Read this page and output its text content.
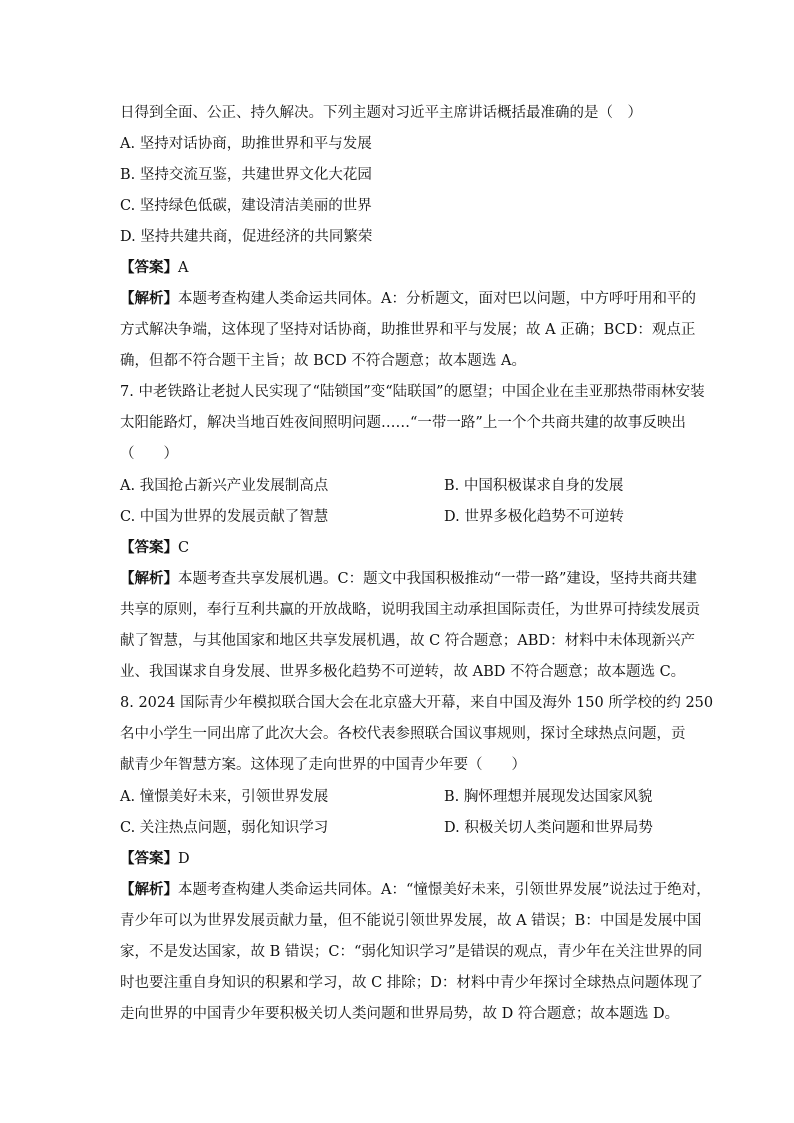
日得到全面、公正、持久解决。下列主题对习近平主席讲话概括最准确的是（　）
A. 坚持对话协商，助推世界和平与发展
B. 坚持交流互鉴，共建世界文化大花园
C. 坚持绿色低碳，建设清洁美丽的世界
D. 坚持共建共商，促进经济的共同繁荣
【答案】A
【解析】本题考查构建人类命运共同体。A：分析题文，面对巴以问题，中方呼吁用和平的
方式解决争端，这体现了坚持对话协商，助推世界和平与发展；故 A 正确；BCD：观点正
确，但都不符合题干主旨；故 BCD 不符合题意；故本题选 A。
7. 中老铁路让老挝人民实现了“陆锁国”变“陆联国”的愿望；中国企业在圭亚那热带雨林安装
太阳能路灯，解决当地百姓夜间照明问题……“一带一路”上一个个共商共建的故事反映出
（　　）
A. 我国抢占新兴产业发展制高点	B. 中国积极谋求自身的发展
C. 中国为世界的发展贡献了智慧	D. 世界多极化趋势不可逆转
【答案】C
【解析】本题考查共享发展机遇。C：题文中我国积极推动“一带一路”建设，坚持共商共建
共享的原则，奉行互利共赢的开放战略，说明我国主动承担国际责任，为世界可持续发展贡
献了智慧，与其他国家和地区共享发展机遇，故 C 符合题意；ABD：材料中未体现新兴产
业、我国谋求自身发展、世界多极化趋势不可逆转，故 ABD 不符合题意；故本题选 C。
8. 2024 国际青少年模拟联合国大会在北京盛大开幕，来自中国及海外 150 所学校的约 250
名中小学生一同出席了此次大会。各校代表参照联合国议事规则，探讨全球热点问题，贡
献青少年智慧方案。这体现了走向世界的中国青少年要（　　）
A. 憧憬美好未来，引领世界发展	B. 胸怀理想并展现发达国家风貌
C. 关注热点问题，弱化知识学习	D. 积极关切人类问题和世界局势
【答案】D
【解析】本题考查构建人类命运共同体。A：“憧憬美好未来，引领世界发展”说法过于绝对，
青少年可以为世界发展贡献力量，但不能说引领世界发展，故 A 错误；B：中国是发展中国
家，不是发达国家，故 B 错误；C：“弱化知识学习”是错误的观点，青少年在关注世界的同
时也要注重自身知识的积累和学习，故 C 排除；D：材料中青少年探讨全球热点问题体现了
走向世界的中国青少年要积极关切人类问题和世界局势，故 D 符合题意；故本题选 D。
